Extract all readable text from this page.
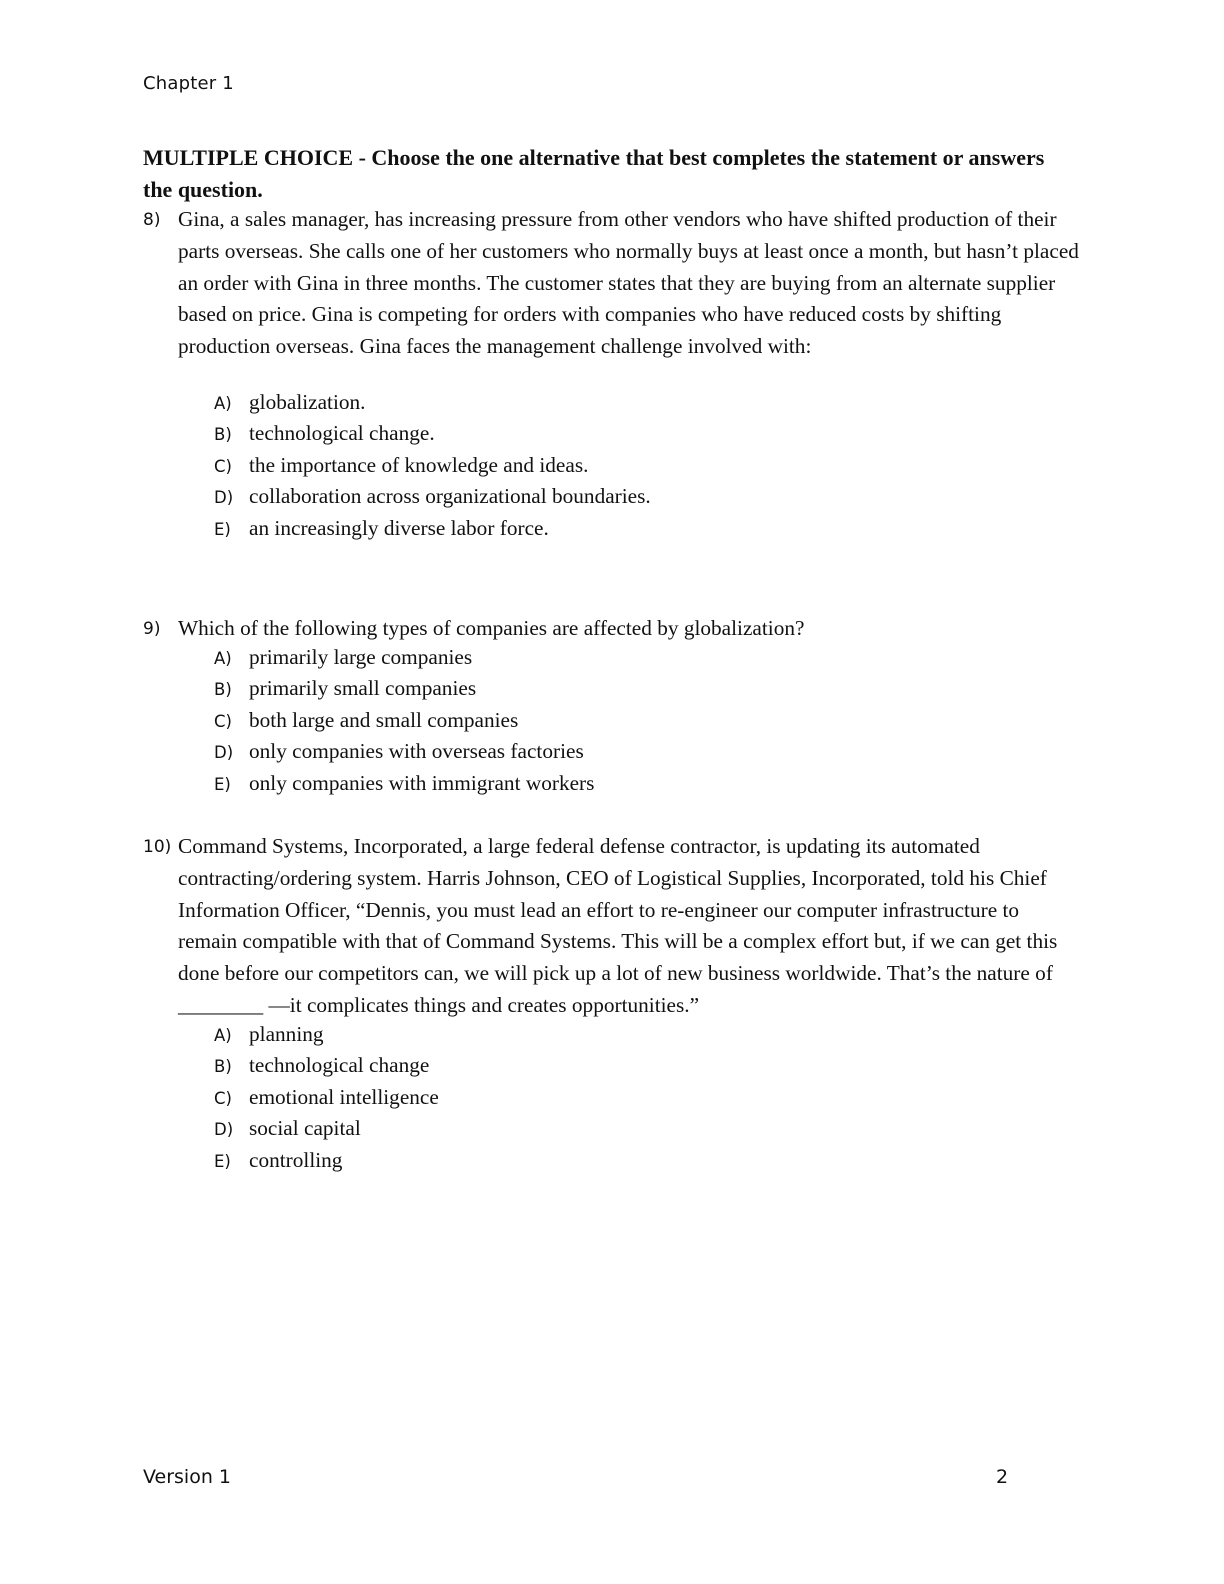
Chapter 1
MULTIPLE CHOICE - Choose the one alternative that best completes the statement or answers the question.
8) Gina, a sales manager, has increasing pressure from other vendors who have shifted production of their parts overseas. She calls one of her customers who normally buys at least once a month, but hasn’t placed an order with Gina in three months. The customer states that they are buying from an alternate supplier based on price. Gina is competing for orders with companies who have reduced costs by shifting production overseas. Gina faces the management challenge involved with:
A) globalization.
B) technological change.
C) the importance of knowledge and ideas.
D) collaboration across organizational boundaries.
E) an increasingly diverse labor force.
9) Which of the following types of companies are affected by globalization?
A) primarily large companies
B) primarily small companies
C) both large and small companies
D) only companies with overseas factories
E) only companies with immigrant workers
10) Command Systems, Incorporated, a large federal defense contractor, is updating its automated contracting/ordering system. Harris Johnson, CEO of Logistical Supplies, Incorporated, told his Chief Information Officer, “Dennis, you must lead an effort to re-engineer our computer infrastructure to remain compatible with that of Command Systems. This will be a complex effort but, if we can get this done before our competitors can, we will pick up a lot of new business worldwide. That’s the nature of ________ —it complicates things and creates opportunities.”
A) planning
B) technological change
C) emotional intelligence
D) social capital
E) controlling
Version 1	2
